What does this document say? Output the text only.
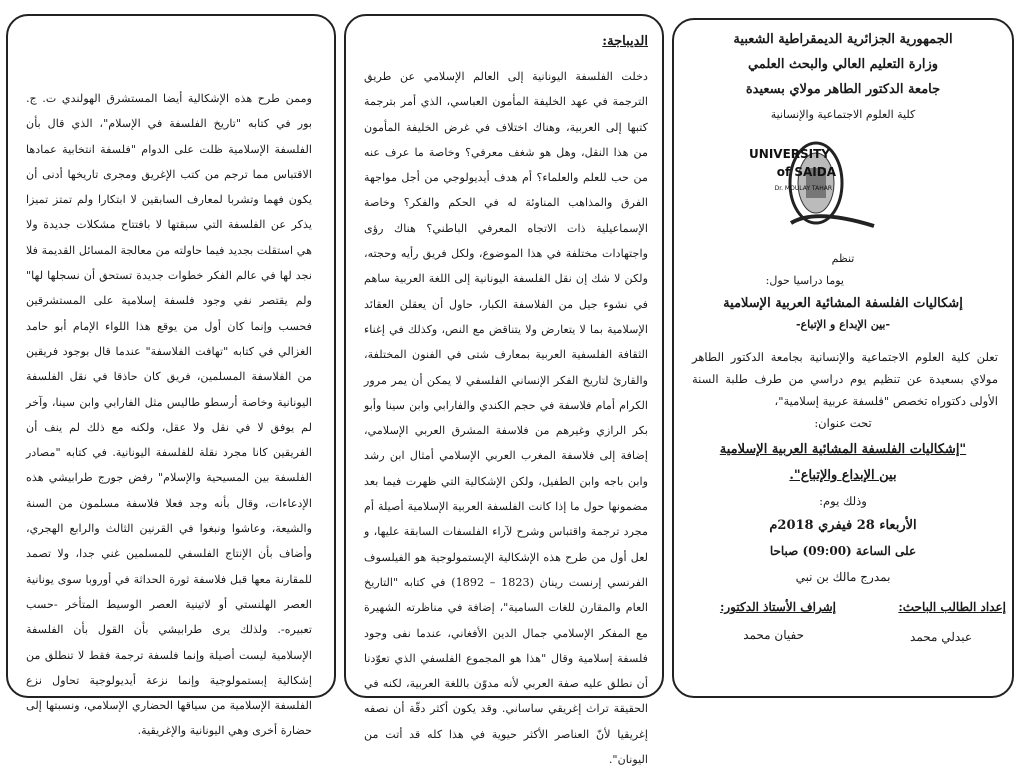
وممن طرح هذه الإشكالية أيضا المستشرق الهولندي ت. ج. بور في كتابه "تاريخ الفلسفة في الإسلام"، الذي قال بأن الفلسفة الإسلامية ظلت على الدوام "فلسفة انتخابية عمادها الاقتباس مما ترجم من كتب الإغريق ومجرى تاريخها أدنى أن يكون فهما وتشربا لمعارف السابقين لا ابتكارا ولم تمتز تميزا يذكر عن الفلسفة التي سبقتها لا بافتتاح مشكلات جديدة ولا هي استقلت بجديد فيما حاولته من معالجة المسائل القديمة فلا نجد لها في عالم الفكر خطوات جديدة تستحق أن نسجلها لها" ولم يقتصر نفي وجود فلسفة إسلامية على المستشرقين فحسب وإنما كان أول من يوقع هذا اللواء الإمام أبو حامد الغزالي في كتابه "تهافت الفلاسفة" عندما قال بوجود فريقين من الفلاسفة المسلمين، فريق كان حاذقا في نقل الفلسفة اليونانية وخاصة أرسطو طاليس مثل الفارابي وابن سينا، وآخر لم يوفق لا في نقل ولا عقل، ولكنه مع ذلك لم ينف أن الفريقين كانا مجرد نقلة للفلسفة اليونانية. في كتابه "مصادر الفلسفة بين المسيحية والإسلام" رفض جورج طرابيشي هذه الإدعاءات، وقال بأنه وجد فعلا فلاسفة مسلمون من السنة والشيعة، وعاشوا ونبغوا في القرنين الثالث والرابع الهجري، وأضاف بأن الإنتاج الفلسفي للمسلمين غني جدا، ولا تصمد للمقارنة معها قبل فلاسفة ثورة الحداثة في أوروبا سوى يونانية العصر الهلنستي أو لاتينية العصر الوسيط المتأخر -حسب تعبيره-. ولذلك يرى طرابيشي بأن القول بأن الفلسفة الإسلامية ليست أصيلة وإنما فلسفة ترجمة فقط لا تنطلق من إشكالية إبستمولوجية وإنما نزعة أيديولوجية تحاول نزع الفلسفة الإسلامية من سياقها الحضاري الإسلامي، ونسبتها إلى حضارة أخرى وهي اليونانية والإغريقية.
الديباجة:
دخلت الفلسفة اليونانية إلى العالم الإسلامي عن طريق الترجمة في عهد الخليفة المأمون العباسي، الذي أمر بترجمة كتبها إلى العربية، وهناك اختلاف في غرض الخليفة المأمون من هذا النقل، وهل هو شغف معرفي؟ وخاصة ما عرف عنه من حب للعلم والعلماء؟ أم هدف أيديولوجي من أجل مواجهة الفرق والمذاهب المناوئة له في الحكم والفكر؟ وخاصة الإسماعيلية ذات الاتجاه المعرفي الباطني؟ هناك رؤى واجتهادات مختلفة في هذا الموضوع، ولكل فريق رأيه وحجته، ولكن لا شك إن نقل الفلسفة اليونانية إلى اللغة العربية ساهم في نشوء جيل من الفلاسفة الكبار، حاول أن يعقلن العقائد الإسلامية بما لا يتعارض ولا يتناقض مع النص، وكذلك في إغناء الثقافة الفلسفية العربية بمعارف شتى في الفنون المختلفة، والقارئ لتاريخ الفكر الإنساني الفلسفي لا يمكن أن يمر مرور الكرام أمام فلاسفة في حجم الكندي والفارابي وابن سينا وأبو بكر الرازي وغيرهم من فلاسفة المشرق العربي الإسلامي، إضافة إلى فلاسفة المغرب العربي الإسلامي أمثال ابن رشد وابن باجه وابن الطفيل، ولكن الإشكالية التي ظهرت فيما بعد مضمونها حول ما إذا كانت الفلسفة العربية الإسلامية أصيلة أم مجرد ترجمة واقتباس وشرح لآراء الفلسفات السابقة عليها، و لعل أول من طرح هذه الإشكالية الإبستمولوجية هو الفيلسوف الفرنسي إرنست رينان (1823 – 1892) في كتابه "التاريخ العام والمقارن للغات السامية"، إضافة في مناظرته الشهيرة مع المفكر الإسلامي جمال الدين الأفغاني، عندما نفى وجود فلسفة إسلامية وقال "هذا هو المجموع الفلسفي الذي تعوّدنا أن نطلق عليه صفة العربي لأنه مدوّن باللغة العربية، لكنه في الحقيقة تراث إغريقي ساساني. وقد يكون أكثر دقّة أن نصفه إغريقيا لأنّ العناصر الأكثر حيوية في هذا كله قد أتت من اليونان".
الجمهورية الجزائرية الديمقراطية الشعبية
وزارة التعليم العالي والبحث العلمي
جامعة الدكتور الطاهر مولاي بسعيدة
كلية العلوم الاجتماعية والإنسانية
UNIVERSITY
of SAIDA
Dr. MOULAY TAHAR
تنظم
يوما دراسيا حول:
إشكاليات الفلسفة المشائية العربية الإسلامية
-بين الإبداع و الإتباع-
تعلن كلية العلوم الاجتماعية والإنسانية بجامعة الدكتور الطاهر مولاي بسعيدة عن تنظيم يوم دراسي من طرف طلبة السنة الأولى دكتوراه تخصص "فلسفة عربية إسلامية"،
تحت عنوان:
"إشكاليات الفلسفة المشائية العربية الإسلامية
بين الإبداع والإتباع".
وذلك يوم:
الأربعاء 28 فيفري 2018م
على الساعة (09:00) صباحا
بمدرج مالك بن نبي
إعداد الطالب الباحث:
إشراف الأستاذ الدكتور:
عبدلي محمد
حفيان محمد
